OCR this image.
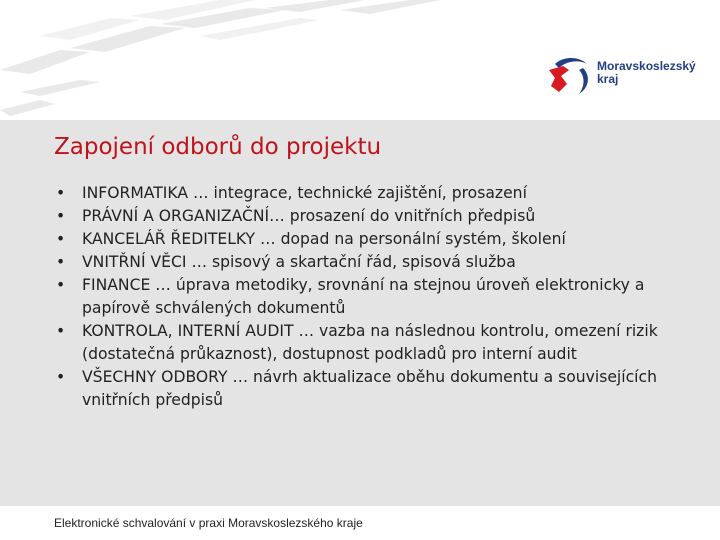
Moravskoslezský
kraj
Zapojení odborů do projektu
• INFORMATIKA … integrace, technické zajištění, prosazení
• PRÁVNÍ A ORGANIZAČNÍ… prosazení do vnitřních předpisů
• KANCELÁŘ ŘEDITELKY … dopad na personální systém, školení
• VNITŘNÍ VĚCI … spisový a skartační řád, spisová služba
• FINANCE … úprava metodiky, srovnání na stejnou úroveň elektronicky a papírově schválených dokumentů
• KONTROLA, INTERNÍ AUDIT … vazba na následnou kontrolu, omezení rizik (dostatečná průkaznost), dostupnost podkladů pro interní audit
• VŠECHNY ODBORY … návrh aktualizace oběhu dokumentu a souvisejících vnitřních předpisů
Elektronické schvalování v praxi Moravskoslezského kraje
